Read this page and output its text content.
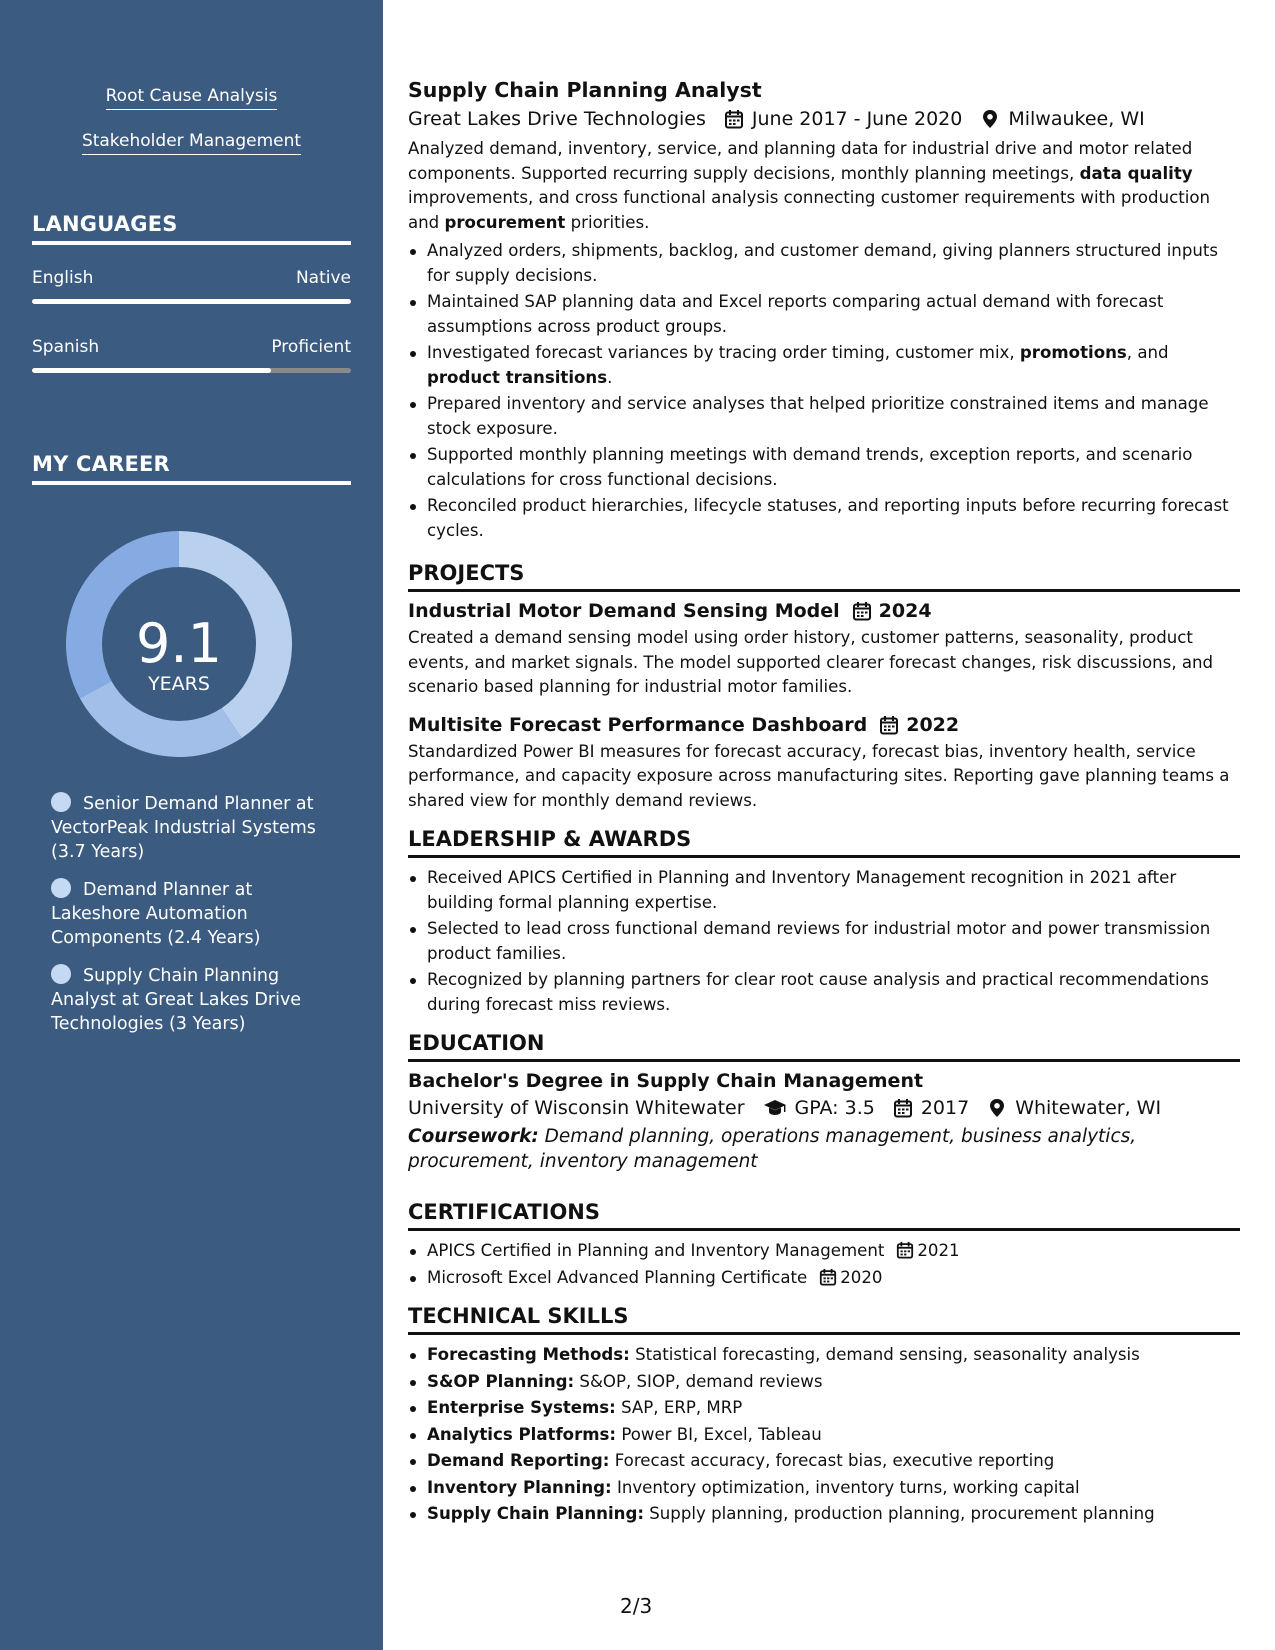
Root Cause Analysis
Stakeholder Management
LANGUAGES
English	Native
Spanish	Proficient
MY CAREER
9.1
YEARS
Senior Demand Planner at VectorPeak Industrial Systems (3.7 Years)
Demand Planner at Lakeshore Automation Components (2.4 Years)
Supply Chain Planning Analyst at Great Lakes Drive Technologies (3 Years)
Supply Chain Planning Analyst
Great Lakes Drive Technologies June 2017 - June 2020 Milwaukee, WI

Analyzed demand, inventory, service, and planning data for industrial drive and motor related components. Supported recurring supply decisions, monthly planning meetings, data quality improvements, and cross functional analysis connecting customer requirements with production and procurement priorities.

Analyzed orders, shipments, backlog, and customer demand, giving planners structured inputs for supply decisions.
Maintained SAP planning data and Excel reports comparing actual demand with forecast assumptions across product groups.
Investigated forecast variances by tracing order timing, customer mix, promotions, and product transitions.
Prepared inventory and service analyses that helped prioritize constrained items and manage stock exposure.
Supported monthly planning meetings with demand trends, exception reports, and scenario calculations for cross functional decisions.
Reconciled product hierarchies, lifecycle statuses, and reporting inputs before recurring forecast cycles.
PROJECTS
Industrial Motor Demand Sensing Model 2024

Created a demand sensing model using order history, customer patterns, seasonality, product events, and market signals. The model supported clearer forecast changes, risk discussions, and scenario based planning for industrial motor families.

Multisite Forecast Performance Dashboard 2022

Standardized Power BI measures for forecast accuracy, forecast bias, inventory health, service performance, and capacity exposure across manufacturing sites. Reporting gave planning teams a shared view for monthly demand reviews.

LEADERSHIP & AWARDS
Received APICS Certified in Planning and Inventory Management recognition in 2021 after building formal planning expertise.
Selected to lead cross functional demand reviews for industrial motor and power transmission product families.
Recognized by planning partners for clear root cause analysis and practical recommendations during forecast miss reviews.
EDUCATION
Bachelor's Degree in Supply Chain Management
University of Wisconsin Whitewater	GPA: 3.5 2017 Whitewater, WI

Coursework: Demand planning, operations management, business analytics, procurement, inventory management

CERTIFICATIONS
APICS Certified in Planning and Inventory Management 2021
Microsoft Excel Advanced Planning Certificate 2020
TECHNICAL SKILLS
Forecasting Methods: Statistical forecasting, demand sensing, seasonality analysis
S&OP Planning: S&OP, SIOP, demand reviews
Enterprise Systems: SAP, ERP, MRP
Analytics Platforms: Power BI, Excel, Tableau
Demand Reporting: Forecast accuracy, forecast bias, executive reporting
Inventory Planning: Inventory optimization, inventory turns, working capital
Supply Chain Planning: Supply planning, production planning, procurement planning
2/3
